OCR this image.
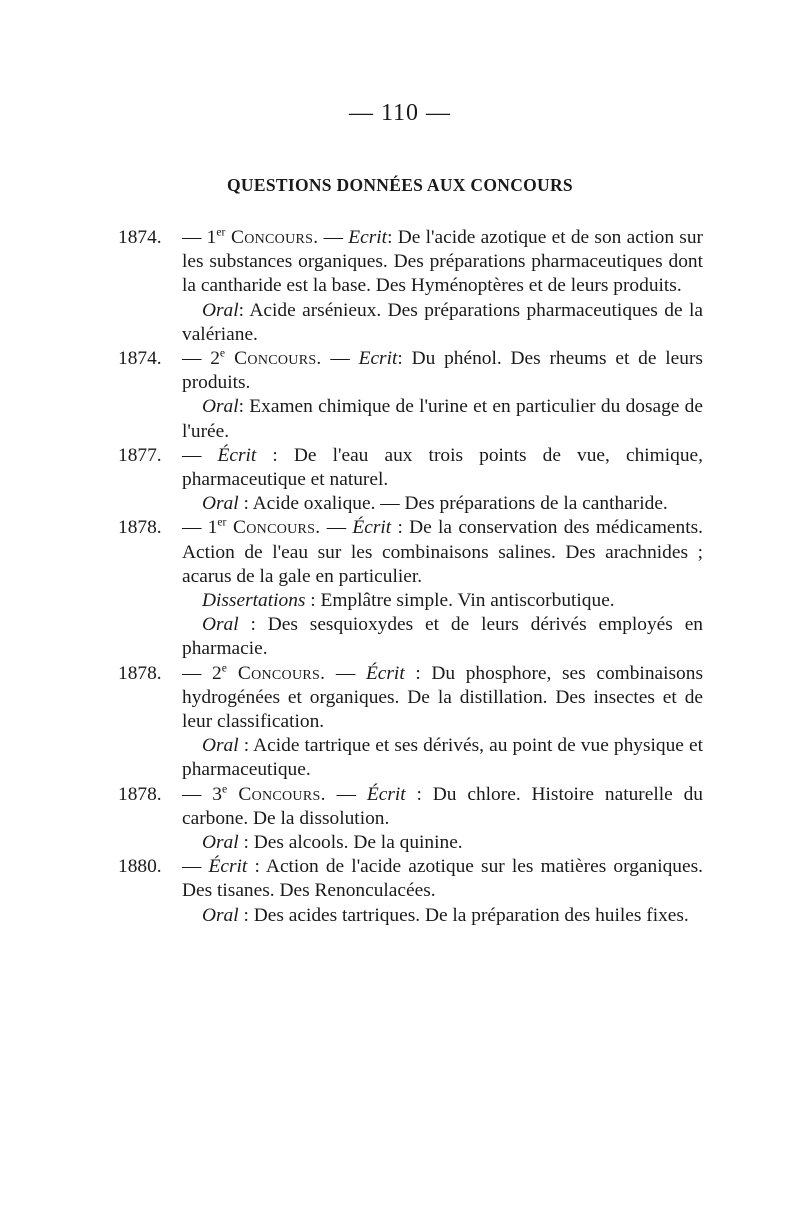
— 110 —
QUESTIONS DONNÉES AUX CONCOURS
1874. — 1er Concours. — Ecrit: De l'acide azotique et de son action sur les substances organiques. Des préparations pharmaceutiques dont la cantharide est la base. Des Hyménoptères et de leurs produits.

Oral: Acide arsénieux. Des préparations pharmaceutiques de la valériane.

1874. — 2e Concours. — Ecrit: Du phénol. Des rheums et de leurs produits.

Oral: Examen chimique de l'urine et en particulier du dosage de l'urée.

1877. — Écrit : De l'eau aux trois points de vue, chimique, pharmaceutique et naturel.

Oral : Acide oxalique. — Des préparations de la cantharide.

1878. — 1er Concours. — Écrit : De la conservation des médicaments. Action de l'eau sur les combinaisons salines. Des arachnides ; acarus de la gale en particulier.

Dissertations : Emplâtre simple. Vin antiscorbutique.

Oral : Des sesquioxydes et de leurs dérivés employés en pharmacie.

1878. — 2e Concours. — Écrit : Du phosphore, ses combinaisons hydrogénées et organiques. De la distillation. Des insectes et de leur classification.

Oral : Acide tartrique et ses dérivés, au point de vue physique et pharmaceutique.

1878. — 3e Concours. — Écrit : Du chlore. Histoire naturelle du carbone. De la dissolution.

Oral : Des alcools. De la quinine.

1880. — Écrit : Action de l'acide azotique sur les matières organiques. Des tisanes. Des Renonculacées.

Oral : Des acides tartriques. De la préparation des huiles fixes.
